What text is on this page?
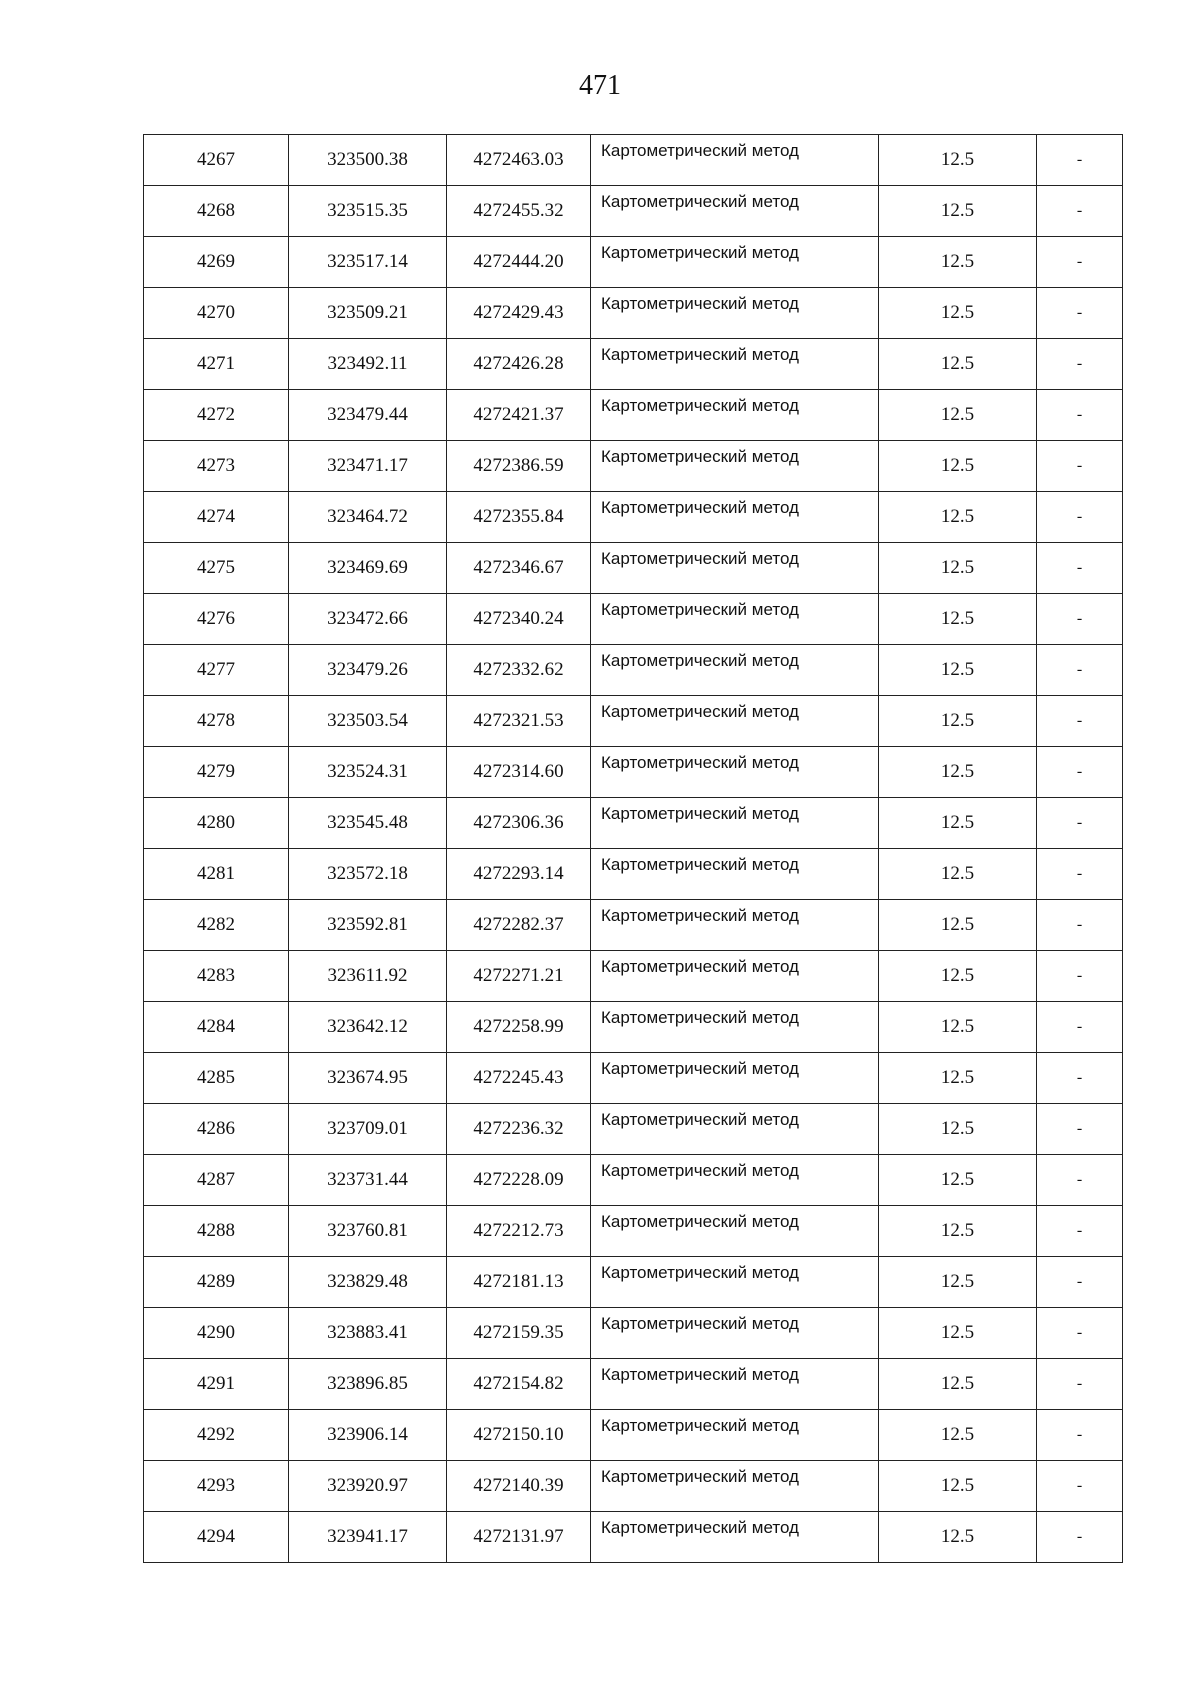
471
4267	323500.38	4272463.03	Картометрический метод	12.5	-
4268	323515.35	4272455.32	Картометрический метод	12.5	-
4269	323517.14	4272444.20	Картометрический метод	12.5	-
4270	323509.21	4272429.43	Картометрический метод	12.5	-
4271	323492.11	4272426.28	Картометрический метод	12.5	-
4272	323479.44	4272421.37	Картометрический метод	12.5	-
4273	323471.17	4272386.59	Картометрический метод	12.5	-
4274	323464.72	4272355.84	Картометрический метод	12.5	-
4275	323469.69	4272346.67	Картометрический метод	12.5	-
4276	323472.66	4272340.24	Картометрический метод	12.5	-
4277	323479.26	4272332.62	Картометрический метод	12.5	-
4278	323503.54	4272321.53	Картометрический метод	12.5	-
4279	323524.31	4272314.60	Картометрический метод	12.5	-
4280	323545.48	4272306.36	Картометрический метод	12.5	-
4281	323572.18	4272293.14	Картометрический метод	12.5	-
4282	323592.81	4272282.37	Картометрический метод	12.5	-
4283	323611.92	4272271.21	Картометрический метод	12.5	-
4284	323642.12	4272258.99	Картометрический метод	12.5	-
4285	323674.95	4272245.43	Картометрический метод	12.5	-
4286	323709.01	4272236.32	Картометрический метод	12.5	-
4287	323731.44	4272228.09	Картометрический метод	12.5	-
4288	323760.81	4272212.73	Картометрический метод	12.5	-
4289	323829.48	4272181.13	Картометрический метод	12.5	-
4290	323883.41	4272159.35	Картометрический метод	12.5	-
4291	323896.85	4272154.82	Картометрический метод	12.5	-
4292	323906.14	4272150.10	Картометрический метод	12.5	-
4293	323920.97	4272140.39	Картометрический метод	12.5	-
4294	323941.17	4272131.97	Картометрический метод	12.5	-
